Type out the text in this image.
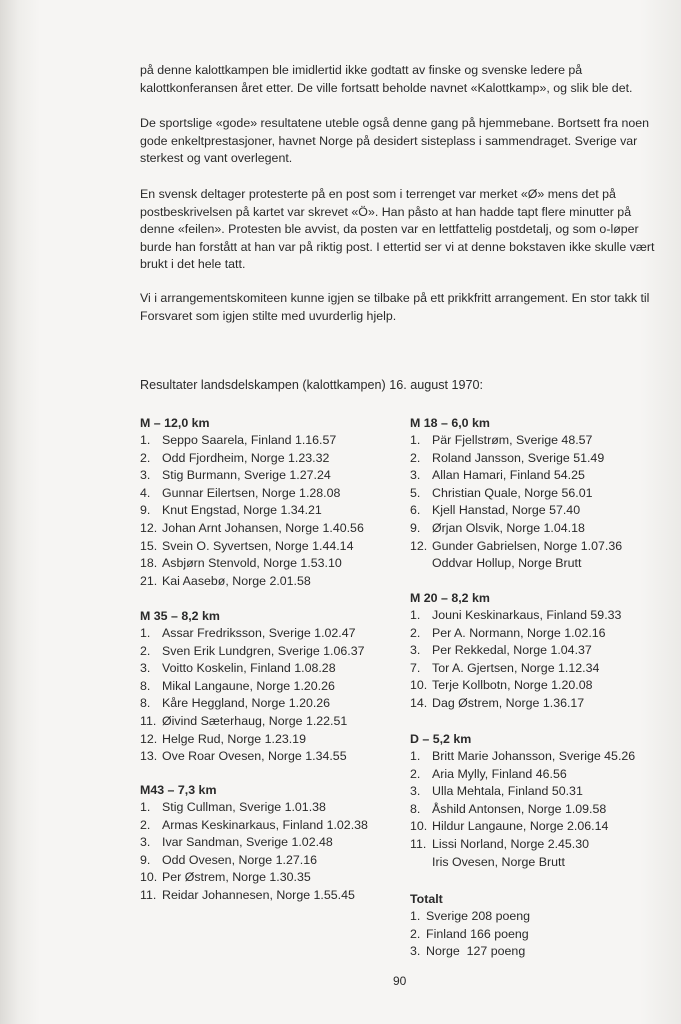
på denne kalottkampen ble imidlertid ikke godtatt av finske og svenske ledere på kalottkonferansen året etter. De ville fortsatt beholde navnet «Kalottkamp», og slik ble det.

De sportslige «gode» resultatene uteble også denne gang på hjemmebane. Bortsett fra noen gode enkeltprestasjoner, havnet Norge på desidert sisteplass i sammendraget. Sverige var sterkest og vant overlegent.

En svensk deltager protesterte på en post som i terrenget var merket «Ø» mens det på postbeskrivelsen på kartet var skrevet «Ö». Han påsto at han hadde tapt flere minutter på denne «feilen». Protesten ble avvist, da posten var en lettfattelig postdetalj, og som o-løper burde han forstått at han var på riktig post. I ettertid ser vi at denne bokstaven ikke skulle vært brukt i det hele tatt.

Vi i arrangementskomiteen kunne igjen se tilbake på ett prikkfritt arrangement. En stor takk til Forsvaret som igjen stilte med uvurderlig hjelp.

Resultater landsdelskampen (kalottkampen) 16. august 1970:
M – 12,0 km
1. Seppo Saarela, Finland 1.16.57
2. Odd Fjordheim, Norge 1.23.32
3. Stig Burmann, Sverige 1.27.24
4. Gunnar Eilertsen, Norge 1.28.08
9. Knut Engstad, Norge 1.34.21
12. Johan Arnt Johansen, Norge 1.40.56
15. Svein O. Syvertsen, Norge 1.44.14
18. Asbjørn Stenvold, Norge 1.53.10
21. Kai Aasebø, Norge 2.01.58
M 35 – 8,2 km
1. Assar Fredriksson, Sverige 1.02.47
2. Sven Erik Lundgren, Sverige 1.06.37
3. Voitto Koskelin, Finland 1.08.28
8. Mikal Langaune, Norge 1.20.26
8. Kåre Heggland, Norge 1.20.26
11. Øivind Sæterhaug, Norge 1.22.51
12. Helge Rud, Norge 1.23.19
13. Ove Roar Ovesen, Norge 1.34.55
M43 – 7,3 km
1. Stig Cullman, Sverige 1.01.38
2. Armas Keskinarkaus, Finland 1.02.38
3. Ivar Sandman, Sverige 1.02.48
9. Odd Ovesen, Norge 1.27.16
10. Per Østrem, Norge 1.30.35
11. Reidar Johannesen, Norge 1.55.45
M 18 – 6,0 km
1. Pär Fjellstrøm, Sverige 48.57
2. Roland Jansson, Sverige 51.49
3. Allan Hamari, Finland 54.25
5. Christian Quale, Norge 56.01
6. Kjell Hanstad, Norge 57.40
9. Ørjan Olsvik, Norge 1.04.18
12. Gunder Gabrielsen, Norge 1.07.36
Oddvar Hollup, Norge Brutt
M 20 – 8,2 km
1. Jouni Keskinarkaus, Finland 59.33
2. Per A. Normann, Norge 1.02.16
3. Per Rekkedal, Norge 1.04.37
7. Tor A. Gjertsen, Norge 1.12.34
10. Terje Kollbotn, Norge 1.20.08
14. Dag Østrem, Norge 1.36.17
D – 5,2 km
1. Britt Marie Johansson, Sverige 45.26
2. Aria Mylly, Finland 46.56
3. Ulla Mehtala, Finland 50.31
8. Åshild Antonsen, Norge 1.09.58
10. Hildur Langaune, Norge 2.06.14
11. Lissi Norland, Norge 2.45.30
Iris Ovesen, Norge Brutt
Totalt
1. Sverige 208 poeng
2. Finland 166 poeng
3. Norge  127 poeng
90
